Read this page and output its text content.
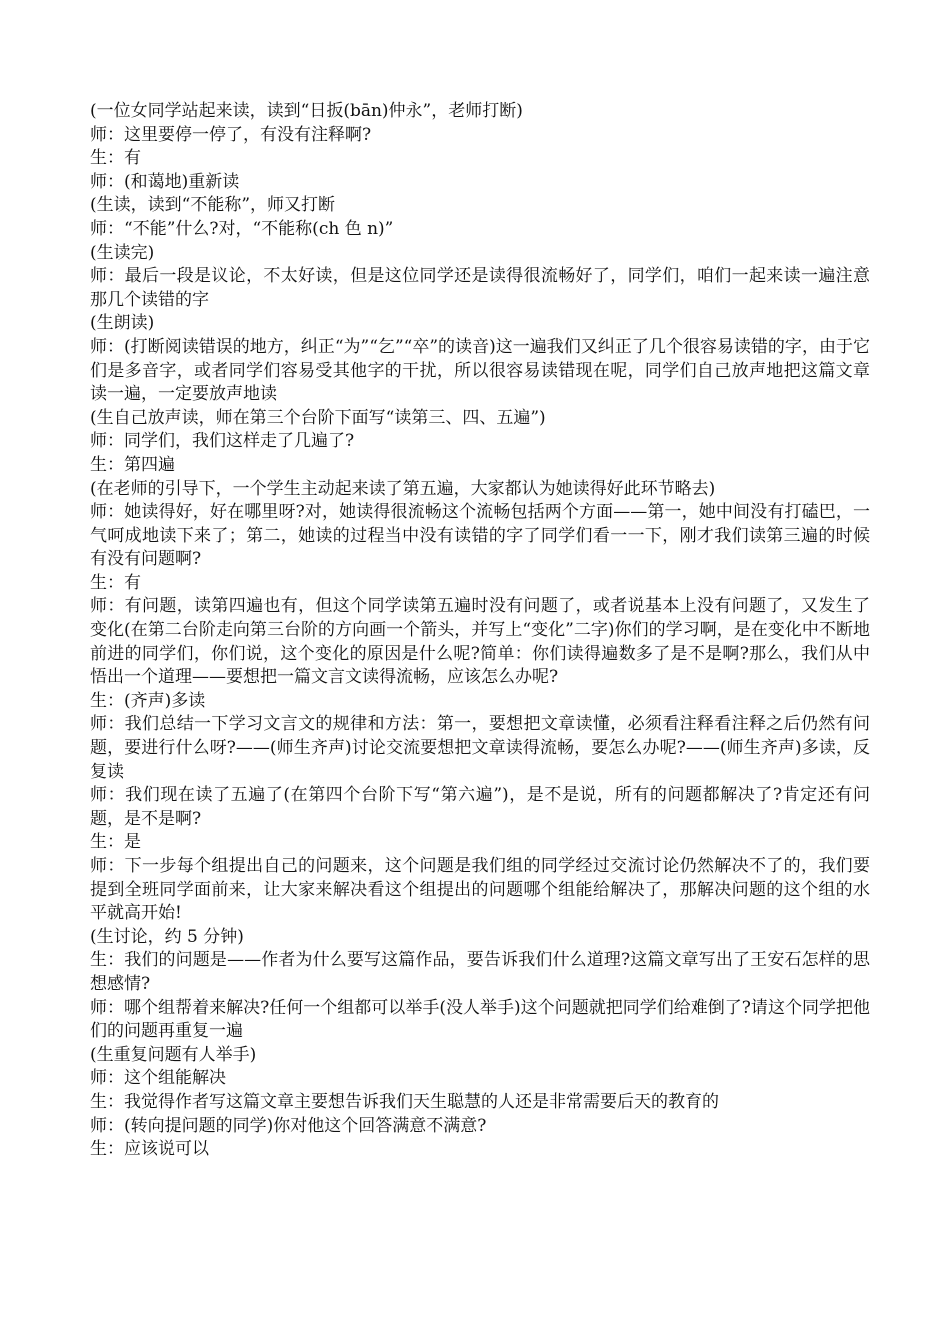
(一位女同学站起来读，读到“日扳(bān)仲永”，老师打断)

师：这里要停一停了，有没有注释啊?

生：有

师：(和蔼地)重新读

(生读，读到“不能称”，师又打断

师：“不能”什么?对，“不能称(ch 色 n)”

(生读完)

师：最后一段是议论，不太好读，但是这位同学还是读得很流畅好了，同学们，咱们一起来读一遍注意那几个读错的字

(生朗读)

师：(打断阅读错误的地方，纠正“为”“乞”“卒”的读音)这一遍我们又纠正了几个很容易读错的字，由于它们是多音字，或者同学们容易受其他字的干扰，所以很容易读错现在呢，同学们自己放声地把这篇文章读一遍，一定要放声地读

(生自己放声读，师在第三个台阶下面写“读第三、四、五遍”)

师：同学们，我们这样走了几遍了?

生：第四遍

(在老师的引导下，一个学生主动起来读了第五遍，大家都认为她读得好此环节略去)

师：她读得好，好在哪里呀?对，她读得很流畅这个流畅包括两个方面——第一，她中间没有打磕巴，一气呵成地读下来了；第二，她读的过程当中没有读错的字了同学们看一一下，刚才我们读第三遍的时候有没有问题啊?

生：有

师：有问题，读第四遍也有，但这个同学读第五遍时没有问题了，或者说基本上没有问题了，又发生了变化(在第二台阶走向第三台阶的方向画一个箭头，并写上“变化”二字)你们的学习啊，是在变化中不断地前进的同学们，你们说，这个变化的原因是什么呢?简单：你们读得遍数多了是不是啊?那么，我们从中悟出一个道理——要想把一篇文言文读得流畅，应该怎么办呢?

生：(齐声)多读

师：我们总结一下学习文言文的规律和方法：第一，要想把文章读懂，必须看注释看注释之后仍然有问题，要进行什么呀?——(师生齐声)讨论交流要想把文章读得流畅，要怎么办呢?——(师生齐声)多读，反复读

师：我们现在读了五遍了(在第四个台阶下写“第六遍”)，是不是说，所有的问题都解决了?肯定还有问题，是不是啊?

生：是

师：下一步每个组提出自己的问题来，这个问题是我们组的同学经过交流讨论仍然解决不了的，我们要提到全班同学面前来，让大家来解决看这个组提出的问题哪个组能给解决了，那解决问题的这个组的水平就高开始!

(生讨论，约 5 分钟)

生：我们的问题是——作者为什么要写这篇作品，要告诉我们什么道理?这篇文章写出了王安石怎样的思想感情?

师：哪个组帮着来解决?任何一个组都可以举手(没人举手)这个问题就把同学们给难倒了?请这个同学把他们的问题再重复一遍

(生重复问题有人举手)

师：这个组能解决

生：我觉得作者写这篇文章主要想告诉我们天生聪慧的人还是非常需要后天的教育的

师：(转向提问题的同学)你对他这个回答满意不满意?

生：应该说可以
